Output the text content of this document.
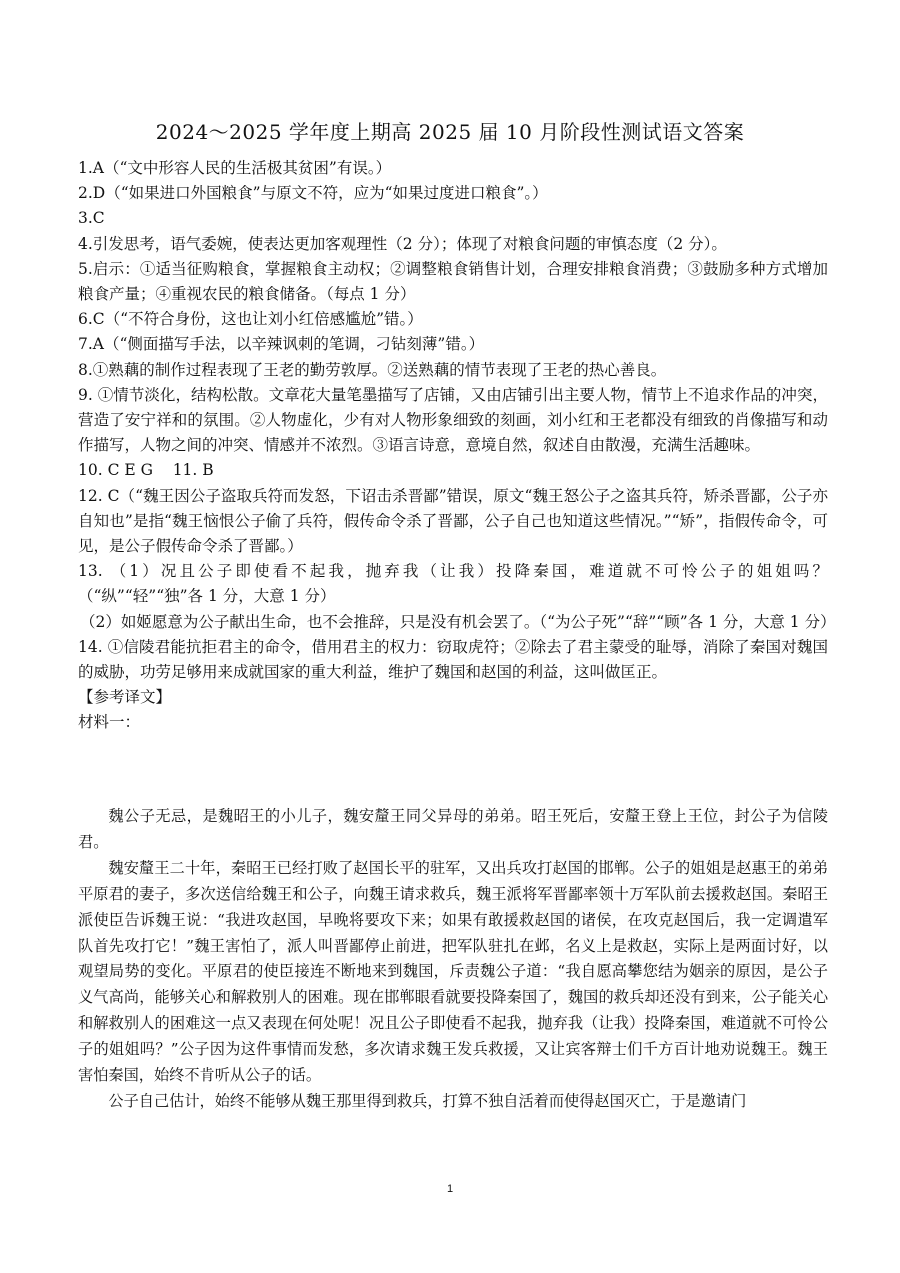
2024～2025 学年度上期高 2025 届 10 月阶段性测试语文答案

1.A（“文中形容人民的生活极其贫困”有误。）

2.D（“如果进口外国粮食”与原文不符，应为“如果过度进口粮食”。）

3.C

4.引发思考，语气委婉，使表达更加客观理性（2 分）；体现了对粮食问题的审慎态度（2 分）。

5.启示：①适当征购粮食，掌握粮食主动权；②调整粮食销售计划，合理安排粮食消费；③鼓励多种方式增加粮食产量；④重视农民的粮食储备。（每点 1 分）

6.C（“不符合身份，这也让刘小红倍感尴尬”错。）

7.A（“侧面描写手法，以辛辣讽刺的笔调，刁钻刻薄”错。）

8.①熟藕的制作过程表现了王老的勤劳敦厚。②送熟藕的情节表现了王老的热心善良。

9. ①情节淡化，结构松散。文章花大量笔墨描写了店铺，又由店铺引出主要人物，情节上不追求作品的冲突，营造了安宁祥和的氛围。②人物虚化，少有对人物形象细致的刻画，刘小红和王老都没有细致的肖像描写和动作描写，人物之间的冲突、情感并不浓烈。③语言诗意，意境自然，叙述自由散漫，充满生活趣味。

10. C E G    11. B

12. C（“魏王因公子盗取兵符而发怒，下诏击杀晋鄙”错误，原文“魏王怒公子之盗其兵符，矫杀晋鄙，公子亦自知也”是指“魏王恼恨公子偷了兵符，假传命令杀了晋鄙，公子自己也知道这些情况。”“矫”，指假传命令，可见，是公子假传命令杀了晋鄙。）

13. （1）况且公子即使看不起我，抛弃我（让我）投降秦国，难道就不可怜公子的姐姐吗？ （“纵”“轻”“独”各 1 分，大意 1 分）

（2）如姬愿意为公子献出生命，也不会推辞，只是没有机会罢了。（“为公子死”“辞”“顾”各 1 分，大意 1 分）

14. ①信陵君能抗拒君主的命令，借用君主的权力：窃取虎符；②除去了君主蒙受的耻辱，消除了秦国对魏国的威胁，功劳足够用来成就国家的重大利益，维护了魏国和赵国的利益，这叫做匡正。

【参考译文】

材料一：

魏公子无忌，是魏昭王的小儿子，魏安釐王同父异母的弟弟。昭王死后，安釐王登上王位，封公子为信陵君。

魏安釐王二十年，秦昭王已经打败了赵国长平的驻军，又出兵攻打赵国的邯郸。公子的姐姐是赵惠王的弟弟平原君的妻子，多次送信给魏王和公子，向魏王请求救兵，魏王派将军晋鄙率领十万军队前去援救赵国。秦昭王派使臣告诉魏王说：“我进攻赵国，早晚将要攻下来；如果有敢援救赵国的诸侯，在攻克赵国后，我一定调遣军队首先攻打它！”魏王害怕了，派人叫晋鄙停止前进，把军队驻扎在邺，名义上是救赵，实际上是两面讨好，以观望局势的变化。平原君的使臣接连不断地来到魏国，斥责魏公子道：“我自愿高攀您结为姻亲的原因，是公子义气高尚，能够关心和解救别人的困难。现在邯郸眼看就要投降秦国了，魏国的救兵却还没有到来，公子能关心和解救别人的困难这一点又表现在何处呢！况且公子即使看不起我，抛弃我（让我）投降秦国，难道就不可怜公子的姐姐吗？”公子因为这件事情而发愁，多次请求魏王发兵救援，又让宾客辩士们千方百计地劝说魏王。魏王害怕秦国，始终不肯听从公子的话。

公子自己估计，始终不能够从魏王那里得到救兵，打算不独自活着而使得赵国灭亡，于是邀请门

1
